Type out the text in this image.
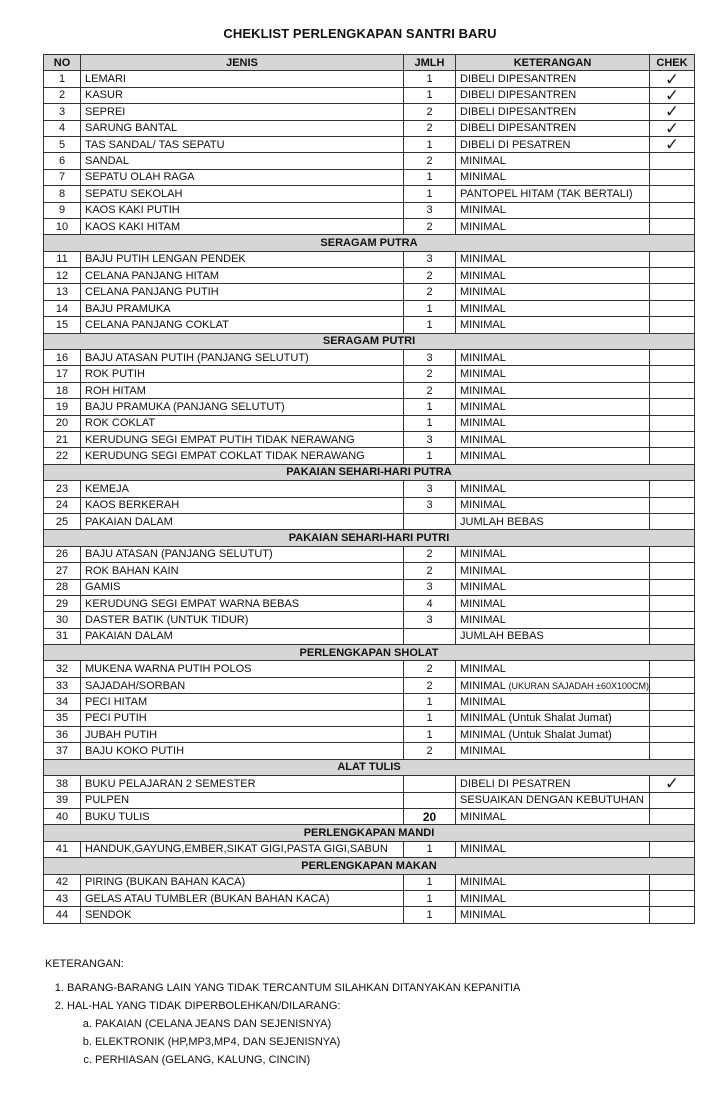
CHEKLIST PERLENGKAPAN SANTRI BARU
NO	JENIS	JMLH	KETERANGAN	CHEK
1	LEMARI	1	DIBELI DIPESANTREN	✓
2	KASUR	1	DIBELI DIPESANTREN	✓
3	SEPREI	2	DIBELI DIPESANTREN	✓
4	SARUNG BANTAL	2	DIBELI DIPESANTREN	✓
5	TAS SANDAL/ TAS SEPATU	1	DIBELI DI PESATREN	✓
6	SANDAL	2	MINIMAL	
7	SEPATU OLAH RAGA	1	MINIMAL	
8	SEPATU SEKOLAH	1	PANTOPEL HITAM (TAK BERTALI)	
9	KAOS KAKI PUTIH	3	MINIMAL	
10	KAOS KAKI HITAM	2	MINIMAL	
SERAGAM PUTRA				
11	BAJU PUTIH LENGAN PENDEK	3	MINIMAL	
12	CELANA PANJANG HITAM	2	MINIMAL	
13	CELANA PANJANG PUTIH	2	MINIMAL	
14	BAJU PRAMUKA	1	MINIMAL	
15	CELANA PANJANG COKLAT	1	MINIMAL	
SERAGAM PUTRI				
16	BAJU ATASAN PUTIH (PANJANG SELUTUT)	3	MINIMAL	
17	ROK PUTIH	2	MINIMAL	
18	ROH HITAM	2	MINIMAL	
19	BAJU PRAMUKA (PANJANG SELUTUT)	1	MINIMAL	
20	ROK COKLAT	1	MINIMAL	
21	KERUDUNG SEGI EMPAT PUTIH TIDAK NERAWANG	3	MINIMAL	
22	KERUDUNG SEGI EMPAT COKLAT TIDAK NERAWANG	1	MINIMAL	
PAKAIAN SEHARI-HARI PUTRA				
23	KEMEJA	3	MINIMAL	
24	KAOS BERKERAH	3	MINIMAL	
25	PAKAIAN DALAM		JUMLAH BEBAS	
PAKAIAN SEHARI-HARI PUTRI				
26	BAJU ATASAN (PANJANG SELUTUT)	2	MINIMAL	
27	ROK BAHAN KAIN	2	MINIMAL	
28	GAMIS	3	MINIMAL	
29	KERUDUNG SEGI EMPAT WARNA BEBAS	4	MINIMAL	
30	DASTER BATIK (UNTUK TIDUR)	3	MINIMAL	
31	PAKAIAN DALAM		JUMLAH BEBAS	
PERLENGKAPAN SHOLAT				
32	MUKENA WARNA PUTIH POLOS	2	MINIMAL	
33	SAJADAH/SORBAN	2	MINIMAL (UKURAN SAJADAH ±60X100CM)	
34	PECI HITAM	1	MINIMAL	
35	PECI PUTIH	1	MINIMAL (Untuk Shalat Jumat)	
36	JUBAH PUTIH	1	MINIMAL (Untuk Shalat Jumat)	
37	BAJU KOKO PUTIH	2	MINIMAL	
ALAT TULIS				
38	BUKU PELAJARAN 2 SEMESTER		DIBELI DI PESATREN	✓
39	PULPEN		SESUAIKAN DENGAN KEBUTUHAN	
40	BUKU TULIS	20	MINIMAL	
PERLENGKAPAN MANDI				
41	HANDUK,GAYUNG,EMBER,SIKAT GIGI,PASTA GIGI,SABUN	1	MINIMAL	
PERLENGKAPAN MAKAN				
42	PIRING (BUKAN BAHAN KACA)	1	MINIMAL	
43	GELAS ATAU TUMBLER (BUKAN BAHAN KACA)	1	MINIMAL	
44	SENDOK	1	MINIMAL	
KETERANGAN:
1. BARANG-BARANG LAIN YANG TIDAK TERCANTUM SILAHKAN DITANYAKAN KEPANITIA
2. HAL-HAL YANG TIDAK DIPERBOLEHKAN/DILARANG:
a. PAKAIAN (CELANA JEANS DAN SEJENISNYA)
b. ELEKTRONIK (HP,MP3,MP4, DAN SEJENISNYA)
c. PERHIASAN (GELANG, KALUNG, CINCIN)
